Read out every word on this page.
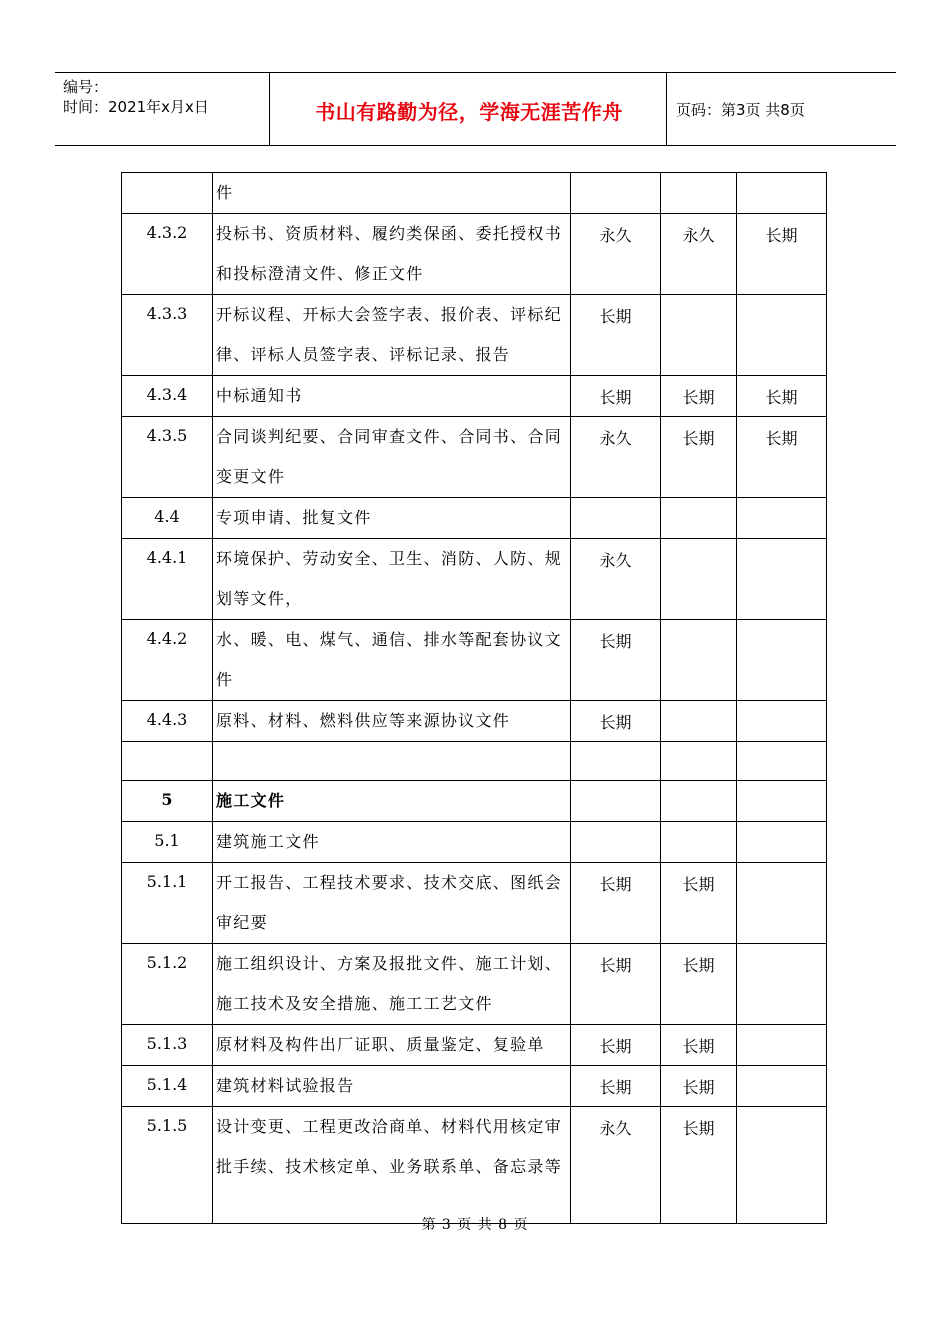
编号：
时间：2021年x月x日	书山有路勤为径，学海无涯苦作舟	页码：第3页 共8页

	件			

4.3.2	投标书、资质材料、履约类保函、委托授权书和投标澄清文件、修正文件	永久	永久	长期
4.3.3	开标议程、开标大会签字表、报价表、评标纪律、评标人员签字表、评标记录、报告	长期		
4.3.4	中标通知书	长期	长期	长期
4.3.5	合同谈判纪要、合同审查文件、合同书、合同变更文件	永久	长期	长期
4.4	专项申请、批复文件			

4.4.1	环境保护、劳动安全、卫生、消防、人防、规划等文件，	永久		
4.4.2	水、暖、电、煤气、通信、排水等配套协议文件	长期		
4.4.3	原料、材料、燃料供应等来源协议文件	长期		

5	施工文件			

5.1	建筑施工文件			

5.1.1	开工报告、工程技术要求、技术交底、图纸会审纪要	长期	长期	
5.1.2	施工组织设计、方案及报批文件、施工计划、施工技术及安全措施、施工工艺文件	长期	长期	
5.1.3	原材料及构件出厂证职、质量鉴定、复验单	长期	长期	
5.1.4	建筑材料试验报告	长期	长期	
5.1.5	设计变更、工程更改洽商单、材料代用核定审批手续、技术核定单、业务联系单、备忘录等	永久	长期	
第 3 页 共 8 页
